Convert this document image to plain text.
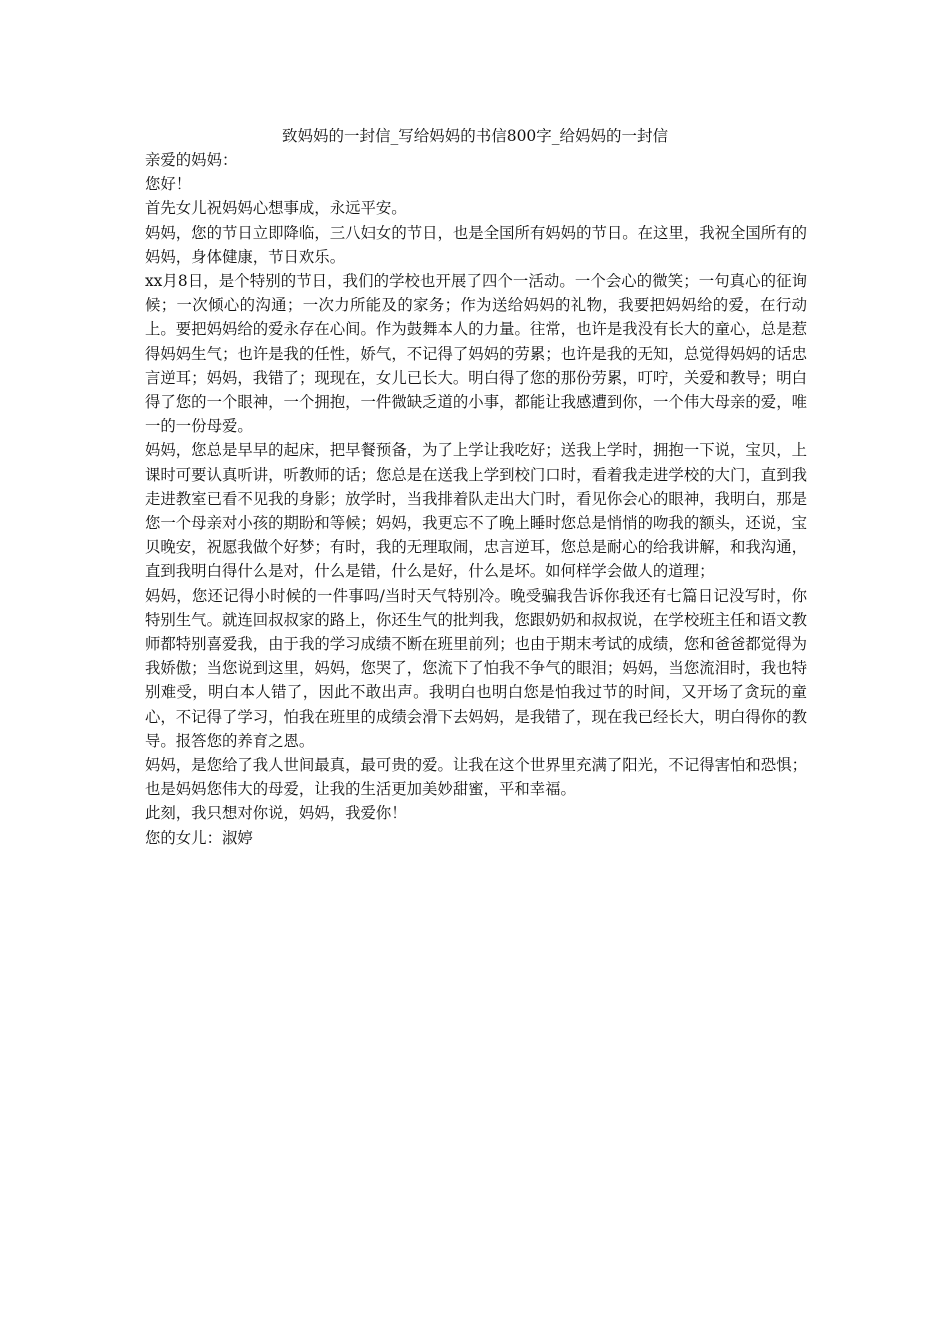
致妈妈的一封信_写给妈妈的书信800字_给妈妈的一封信

亲爱的妈妈：

您好！

首先女儿祝妈妈心想事成，永远平安。

妈妈，您的节日立即降临，三八妇女的节日，也是全国所有妈妈的节日。在这里，我祝全国所有的妈妈，身体健康，节日欢乐。

xx月8日，是个特别的节日，我们的学校也开展了四个一活动。一个会心的微笑；一句真心的征询候；一次倾心的沟通；一次力所能及的家务；作为送给妈妈的礼物，我要把妈妈给的爱，在行动上。要把妈妈给的爱永存在心间。作为鼓舞本人的力量。往常，也许是我没有长大的童心，总是惹得妈妈生气；也许是我的任性，娇气，不记得了妈妈的劳累；也许是我的无知，总觉得妈妈的话忠言逆耳；妈妈，我错了；现现在，女儿已长大。明白得了您的那份劳累，叮咛，关爱和教导；明白得了您的一个眼神，一个拥抱，一件微缺乏道的小事，都能让我感遭到你，一个伟大母亲的爱，唯一的一份母爱。

妈妈，您总是早早的起床，把早餐预备，为了上学让我吃好；送我上学时，拥抱一下说，宝贝，上课时可要认真听讲，听教师的话；您总是在送我上学到校门口时，看着我走进学校的大门，直到我走进教室已看不见我的身影；放学时，当我排着队走出大门时，看见你会心的眼神，我明白，那是您一个母亲对小孩的期盼和等候；妈妈，我更忘不了晚上睡时您总是悄悄的吻我的额头，还说，宝贝晚安，祝愿我做个好梦；有时，我的无理取闹，忠言逆耳，您总是耐心的给我讲解，和我沟通，直到我明白得什么是对，什么是错，什么是好，什么是坏。如何样学会做人的道理；

妈妈，您还记得小时候的一件事吗/当时天气特别冷。晚受骗我告诉你我还有七篇日记没写时，你特别生气。就连回叔叔家的路上，你还生气的批判我，您跟奶奶和叔叔说，在学校班主任和语文教师都特别喜爱我，由于我的学习成绩不断在班里前列；也由于期末考试的成绩，您和爸爸都觉得为我娇傲；当您说到这里，妈妈，您哭了，您流下了怕我不争气的眼泪；妈妈，当您流泪时，我也特别难受，明白本人错了，因此不敢出声。我明白也明白您是怕我过节的时间，又开场了贪玩的童心，不记得了学习，怕我在班里的成绩会滑下去妈妈，是我错了，现在我已经长大，明白得你的教导。报答您的养育之恩。

妈妈，是您给了我人世间最真，最可贵的爱。让我在这个世界里充满了阳光，不记得害怕和恐惧；也是妈妈您伟大的母爱，让我的生活更加美妙甜蜜，平和幸福。

此刻，我只想对你说，妈妈，我爱你！

您的女儿：淑婷
